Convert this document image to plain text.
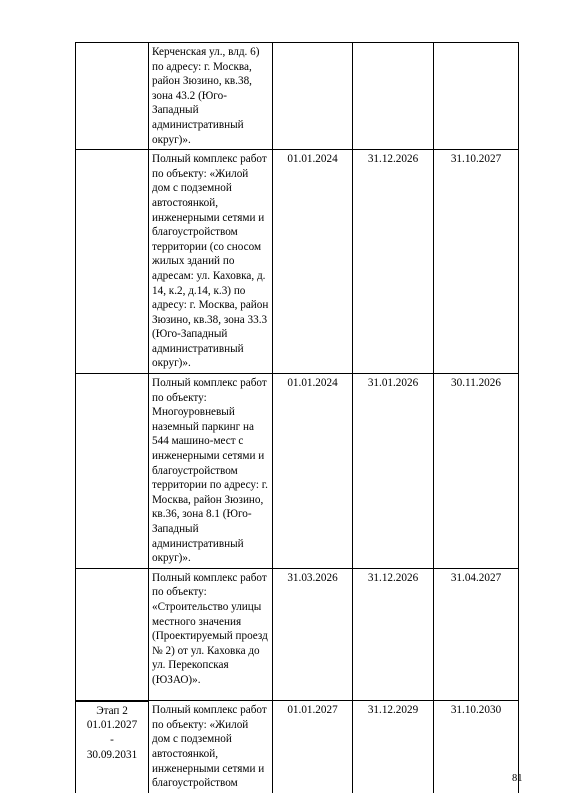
	Керченская ул., влд. 6) по адресу: г. Москва, район Зюзино, кв.38, зона 43.2 (Юго-Западный административный округ)».			
	Полный комплекс работ по объекту: «Жилой дом с подземной автостоянкой, инженерными сетями и благоустройством территории (со сносом жилых зданий по адресам: ул. Каховка, д. 14, к.2, д.14, к.3) по адресу: г. Москва, район Зюзино, кв.38, зона 33.3 (Юго-Западный административный округ)».	01.01.2024	31.12.2026	31.10.2027
	Полный комплекс работ по объекту: Многоуровневый наземный паркинг на 544 машино-мест с инженерными сетями и благоустройством территории по адресу: г. Москва, район Зюзино, кв.36, зона 8.1 (Юго-Западный административный округ)».	01.01.2024	31.01.2026	30.11.2026
	Полный комплекс работ по объекту: «Строительство улицы местного значения (Проектируемый проезд № 2) от ул. Каховка до ул. Перекопская (ЮЗАО)».	31.03.2026	31.12.2026	31.04.2027

Этап 2
01.01.2027
-
30.09.2031	Полный комплекс работ по объекту: «Жилой дом с подземной автостоянкой, инженерными сетями и благоустройством	01.01.2027	31.12.2029	31.10.2030
81
